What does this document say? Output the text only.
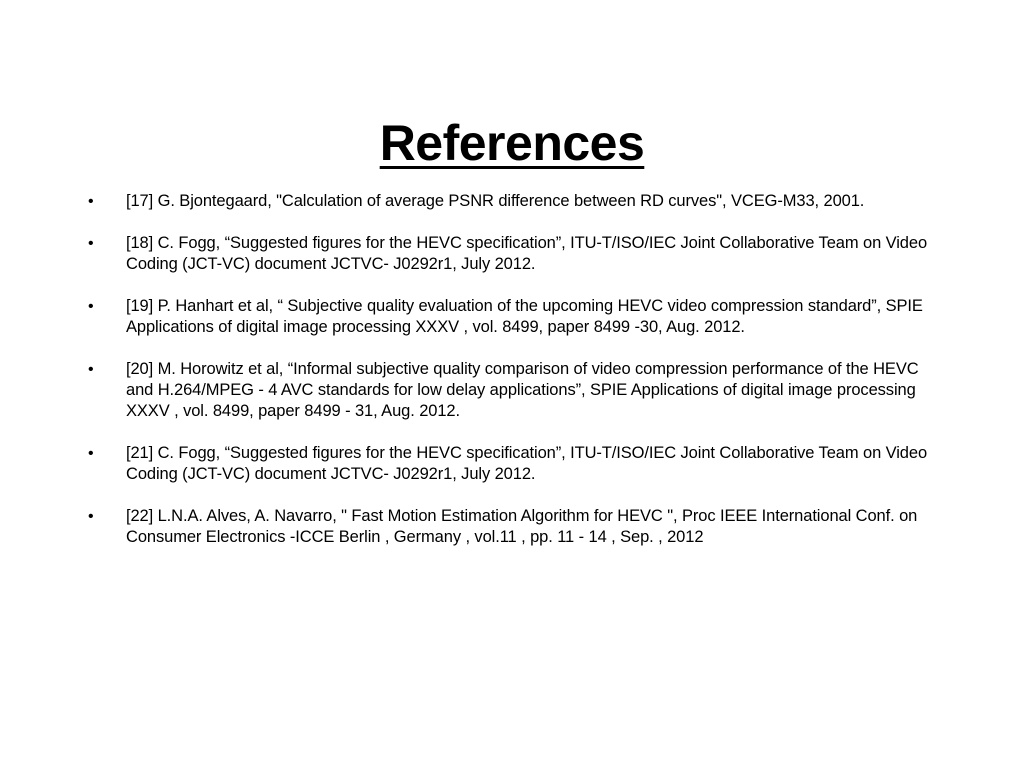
References
• [17] G. Bjontegaard, "Calculation of average PSNR difference between RD curves", VCEG-M33, 2001.
• [18] C. Fogg, “Suggested figures for the HEVC specification”, ITU-T/ISO/IEC Joint Collaborative Team on Video Coding (JCT-VC) document JCTVC- J0292r1, July 2012.
• [19] P. Hanhart et al, “ Subjective quality evaluation of the upcoming HEVC video compression standard”, SPIE Applications of digital image processing XXXV , vol. 8499, paper 8499 -30, Aug. 2012.
• [20] M. Horowitz et al, “Informal subjective quality comparison of video compression performance of the HEVC and H.264/MPEG - 4 AVC standards for low delay applications”, SPIE Applications of digital image processing XXXV , vol. 8499, paper 8499 - 31, Aug. 2012.
• [21] C. Fogg, “Suggested figures for the HEVC specification”, ITU-T/ISO/IEC Joint Collaborative Team on Video Coding (JCT-VC) document JCTVC- J0292r1, July 2012.
• [22] L.N.A. Alves, A. Navarro, " Fast Motion Estimation Algorithm for HEVC ", Proc IEEE International Conf. on Consumer Electronics -ICCE Berlin , Germany , vol.11 , pp. 11 - 14 , Sep. , 2012
